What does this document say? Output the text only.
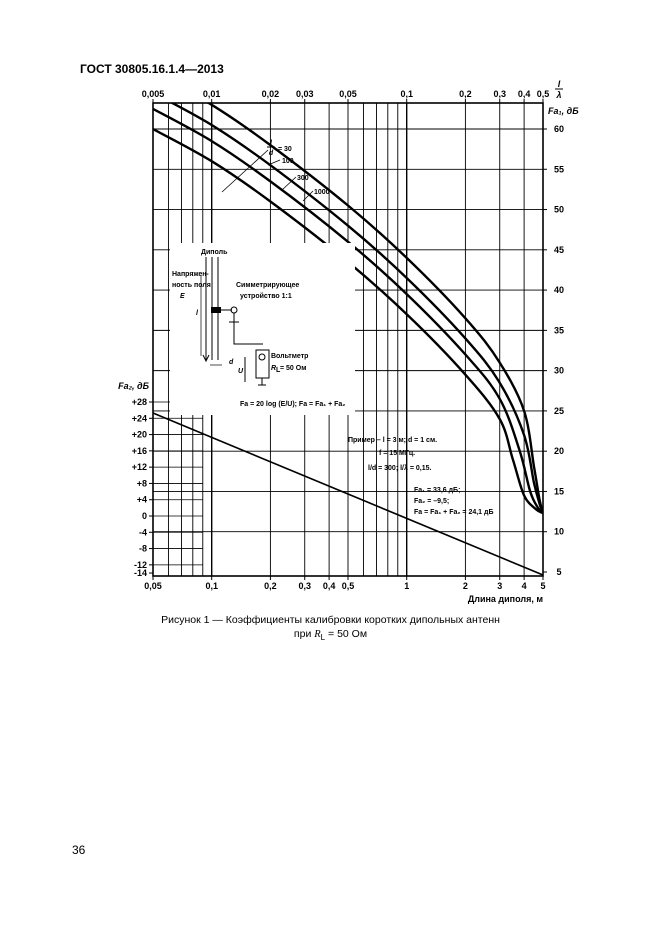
ГОСТ 30805.16.1.4—2013
0,05	0,1	0,2 0,3 0,4 0,5	1	2	3 4 5
Длина диполя, м
0,005	0,01	0,02 0,03	0,05	0,1	0,2 0,3 0,4 0,5
l
λ
60
55
50
45
40
35
30
25
20
15
10
5
Fa₁, дБ
+28
+24
+20
+16
+12
+8
+4
0
-4
-8
-12
-14
Fa₂, дБ
l
d
= 30
100
300
1000
Диполь
Напряжен-
ность поля
E
Симметрирующее
устройство 1:1
Вольтметр
R L = 50 Ом
l
d
U
Fa = 20 log (E/U); Fa = Fa₁ + Fa₂
Пример – l = 3 м; d = 1 см.
f = 15 МГц.
l/d = 300; l/λ = 0,15.
Fa₁ = 33,6 дБ;
Fa₂ = –9,5;
Fa = Fa₁ + Fa₂ = 24,1 дБ
Рисунок 1 — Коэффициенты калибровки коротких дипольных антенн
при $R_L = 50$ Ом
36
